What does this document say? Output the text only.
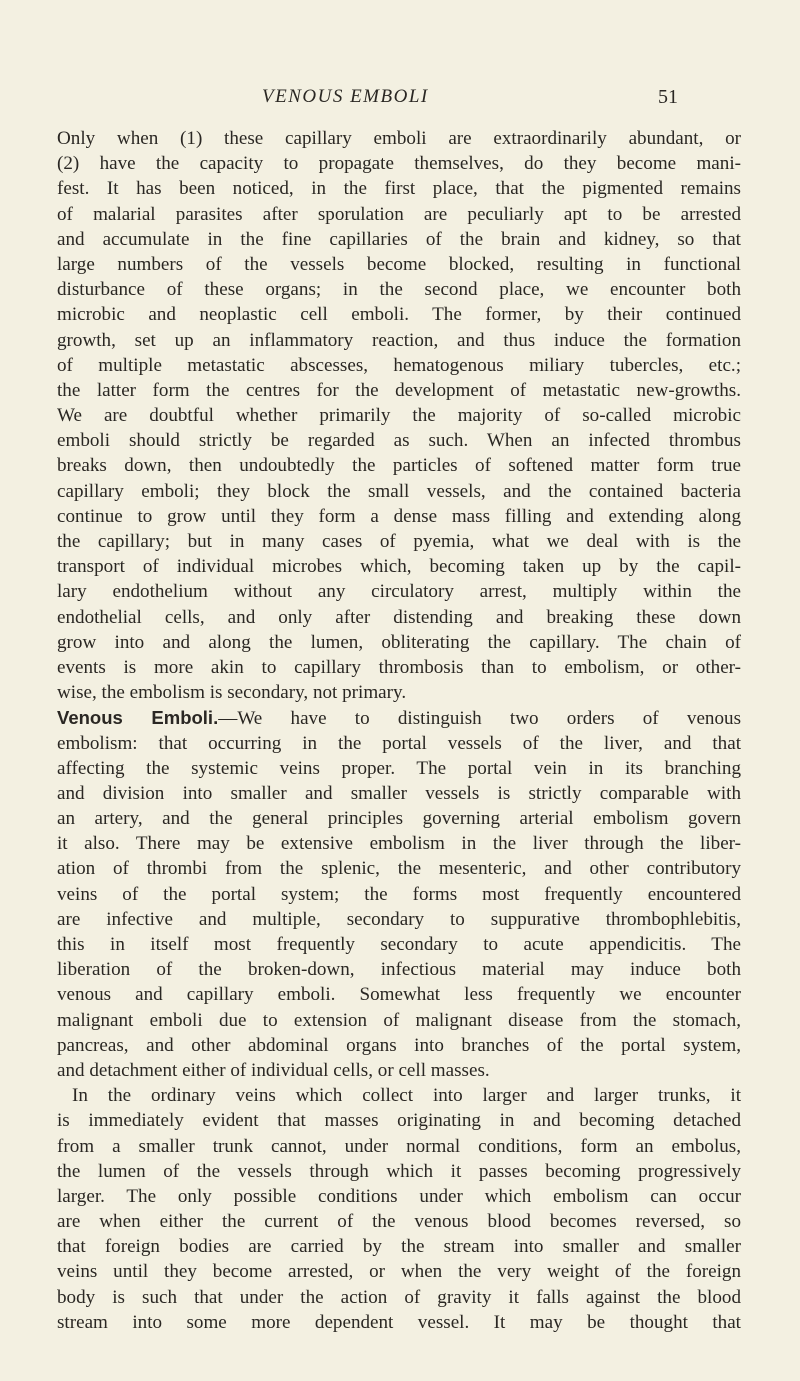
VENOUS EMBOLI	51
Only when (1) these capillary emboli are extraordinarily abundant, or
(2) have the capacity to propagate themselves, do they become mani-
fest. It has been noticed, in the first place, that the pigmented remains
of malarial parasites after sporulation are peculiarly apt to be arrested
and accumulate in the fine capillaries of the brain and kidney, so that
large numbers of the vessels become blocked, resulting in functional
disturbance of these organs; in the second place, we encounter both
microbic and neoplastic cell emboli. The former, by their continued
growth, set up an inflammatory reaction, and thus induce the formation
of multiple metastatic abscesses, hematogenous miliary tubercles, etc.;
the latter form the centres for the development of metastatic new-growths.
We are doubtful whether primarily the majority of so-called microbic
emboli should strictly be regarded as such. When an infected thrombus
breaks down, then undoubtedly the particles of softened matter form true
capillary emboli; they block the small vessels, and the contained bacteria
continue to grow until they form a dense mass filling and extending along
the capillary; but in many cases of pyemia, what we deal with is the
transport of individual microbes which, becoming taken up by the capil-
lary endothelium without any circulatory arrest, multiply within the
endothelial cells, and only after distending and breaking these down
grow into and along the lumen, obliterating the capillary. The chain of
events is more akin to capillary thrombosis than to embolism, or other-
wise, the embolism is secondary, not primary.
Venous Emboli.—We have to distinguish two orders of venous
embolism: that occurring in the portal vessels of the liver, and that
affecting the systemic veins proper. The portal vein in its branching
and division into smaller and smaller vessels is strictly comparable with
an artery, and the general principles governing arterial embolism govern
it also. There may be extensive embolism in the liver through the liber-
ation of thrombi from the splenic, the mesenteric, and other contributory
veins of the portal system; the forms most frequently encountered
are infective and multiple, secondary to suppurative thrombophlebitis,
this in itself most frequently secondary to acute appendicitis. The
liberation of the broken-down, infectious material may induce both
venous and capillary emboli. Somewhat less frequently we encounter
malignant emboli due to extension of malignant disease from the stomach,
pancreas, and other abdominal organs into branches of the portal system,
and detachment either of individual cells, or cell masses.
In the ordinary veins which collect into larger and larger trunks, it
is immediately evident that masses originating in and becoming detached
from a smaller trunk cannot, under normal conditions, form an embolus,
the lumen of the vessels through which it passes becoming progressively
larger. The only possible conditions under which embolism can occur
are when either the current of the venous blood becomes reversed, so
that foreign bodies are carried by the stream into smaller and smaller
veins until they become arrested, or when the very weight of the foreign
body is such that under the action of gravity it falls against the blood
stream into some more dependent vessel. It may be thought that
